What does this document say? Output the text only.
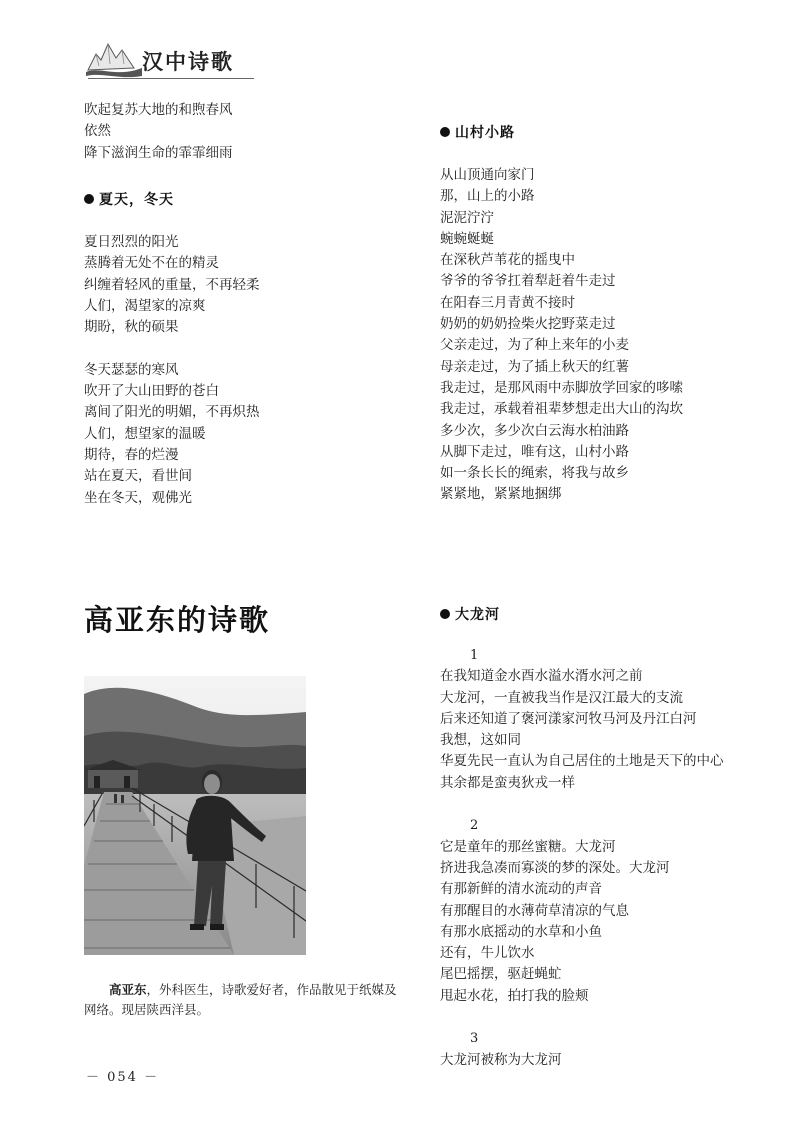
汉中诗歌
吹起复苏大地的和煦春风
依然
降下滋润生命的霏霏细雨
夏天，冬天
夏日烈烈的阳光
蒸腾着无处不在的精灵
纠缠着轻风的重量，不再轻柔
人们，渴望家的凉爽
期盼，秋的硕果
冬天瑟瑟的寒风
吹开了大山田野的苍白
离间了阳光的明媚，不再炽热
人们，想望家的温暖
期待，春的烂漫
站在夏天，看世间
坐在冬天，观佛光
高亚东的诗歌
高亚东，外科医生，诗歌爱好者，作品散见于纸媒及网络。现居陕西洋县。
－ 054 －
山村小路
从山顶通向家门
那，山上的小路
泥泥泞泞
蜿蜿蜒蜒
在深秋芦苇花的摇曳中
爷爷的爷爷扛着犁赶着牛走过
在阳春三月青黄不接时
奶奶的奶奶捡柴火挖野菜走过
父亲走过，为了种上来年的小麦
母亲走过，为了插上秋天的红薯
我走过，是那风雨中赤脚放学回家的哆嗦
我走过，承载着祖辈梦想走出大山的沟坎
多少次，多少次白云海水柏油路
从脚下走过，唯有这，山村小路
如一条长长的绳索，将我与故乡
紧紧地，紧紧地捆绑
大龙河
1
在我知道金水酉水溢水湑水河之前
大龙河，一直被我当作是汉江最大的支流
后来还知道了褒河漾家河牧马河及丹江白河
我想，这如同
华夏先民一直认为自己居住的土地是天下的中心
其余都是蛮夷狄戎一样
2
它是童年的那丝蜜糖。大龙河
挤进我急凑而寡淡的梦的深处。大龙河
有那新鲜的清水流动的声音
有那醒目的水薄荷草清凉的气息
有那水底摇动的水草和小鱼
还有，牛儿饮水
尾巴摇摆，驱赶蝇虻
甩起水花，拍打我的脸颊
3
大龙河被称为大龙河
